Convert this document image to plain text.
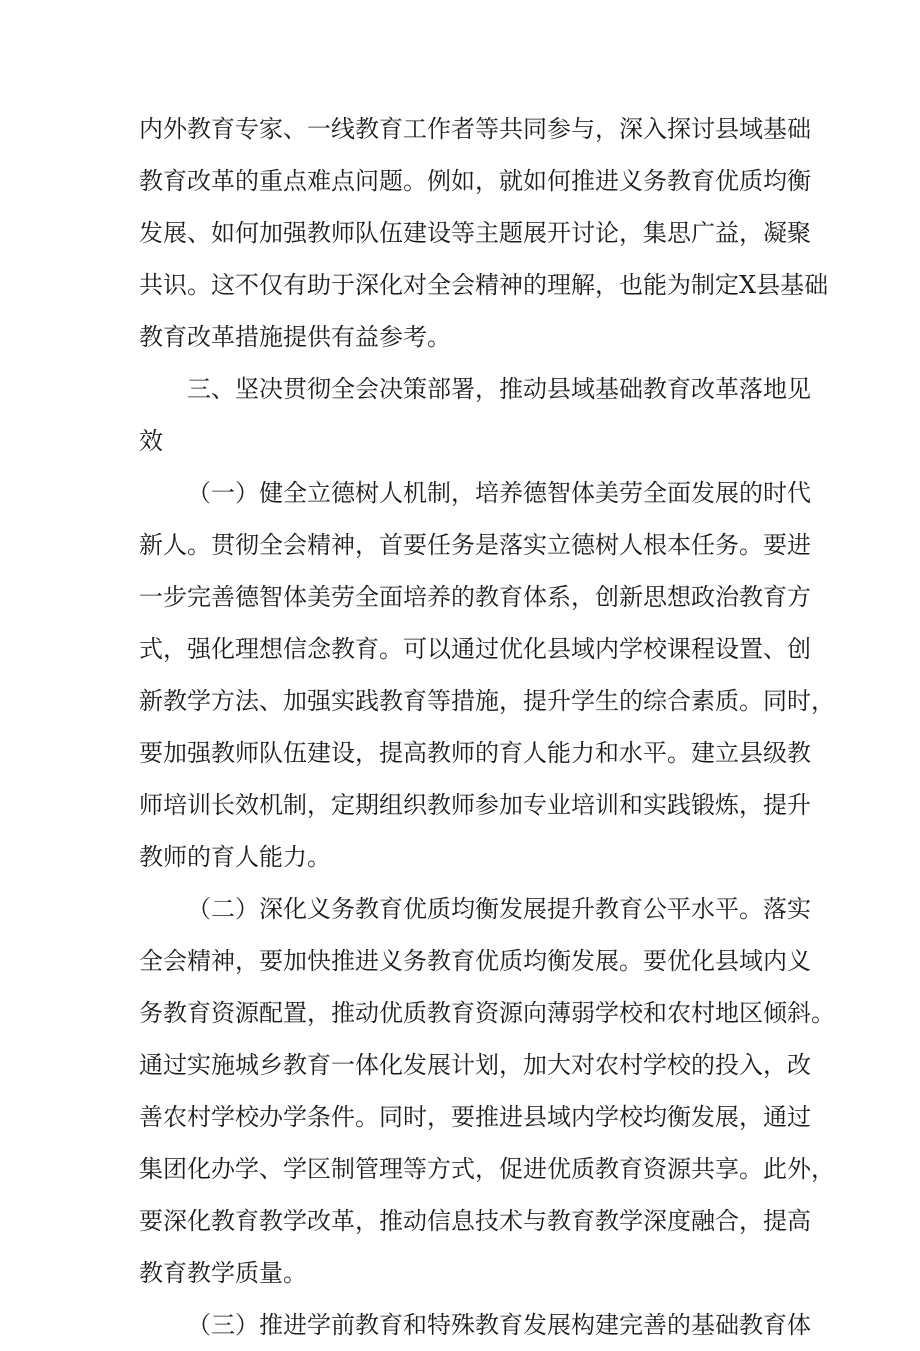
内外教育专家、一线教育工作者等共同参与，深入探讨县域基础
教育改革的重点难点问题。例如，就如何推进义务教育优质均衡
发展、如何加强教师队伍建设等主题展开讨论，集思广益，凝聚
共识。这不仅有助于深化对全会精神的理解，也能为制定X县基础
教育改革措施提供有益参考。
三、坚决贯彻全会决策部署，推动县域基础教育改革落地见
效
（一）健全立德树人机制，培养德智体美劳全面发展的时代
新人。贯彻全会精神，首要任务是落实立德树人根本任务。要进
一步完善德智体美劳全面培养的教育体系，创新思想政治教育方
式，强化理想信念教育。可以通过优化县域内学校课程设置、创
新教学方法、加强实践教育等措施，提升学生的综合素质。同时，
要加强教师队伍建设，提高教师的育人能力和水平。建立县级教
师培训长效机制，定期组织教师参加专业培训和实践锻炼，提升
教师的育人能力。
（二）深化义务教育优质均衡发展提升教育公平水平。落实
全会精神，要加快推进义务教育优质均衡发展。要优化县域内义
务教育资源配置，推动优质教育资源向薄弱学校和农村地区倾斜。
通过实施城乡教育一体化发展计划，加大对农村学校的投入，改
善农村学校办学条件。同时，要推进县域内学校均衡发展，通过
集团化办学、学区制管理等方式，促进优质教育资源共享。此外，
要深化教育教学改革，推动信息技术与教育教学深度融合，提高
教育教学质量。
（三）推进学前教育和特殊教育发展构建完善的基础教育体
